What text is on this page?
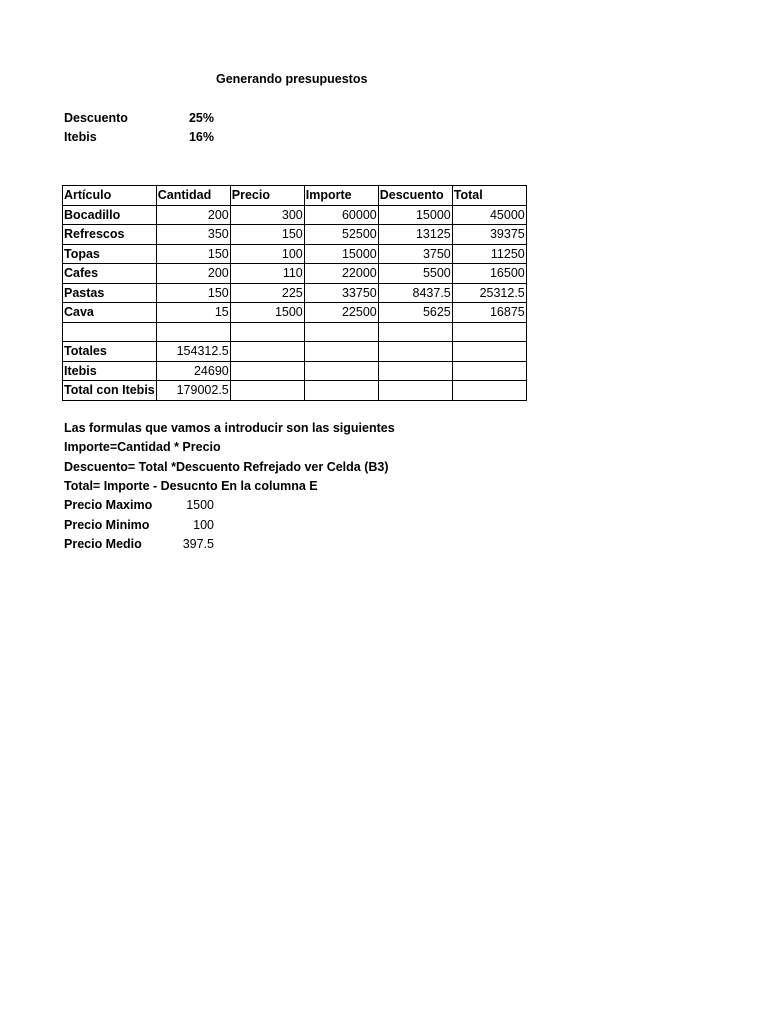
Generando presupuestos
Descuento	25%
Itebis	16%
Artículo	Cantidad	Precio	Importe	Descuento	Total
Bocadillo	200	300	60000	15000	45000
Refrescos	350	150	52500	13125	39375
Topas	150	100	15000	3750	11250
Cafes	200	110	22000	5500	16500
Pastas	150	225	33750	8437.5	25312.5
Cava	15	1500	22500	5625	16875

Totales	154312.5				
Itebis	24690				
Total con Itebis	179002.5				
Las formulas que vamos a introducir son las siguientes
Importe=Cantidad * Precio
Descuento= Total *Descuento Refrejado ver Celda (B3)
Total= Importe - Desucnto En la columna E
Precio Maximo	1500
Precio Minimo	100
Precio Medio	397.5
